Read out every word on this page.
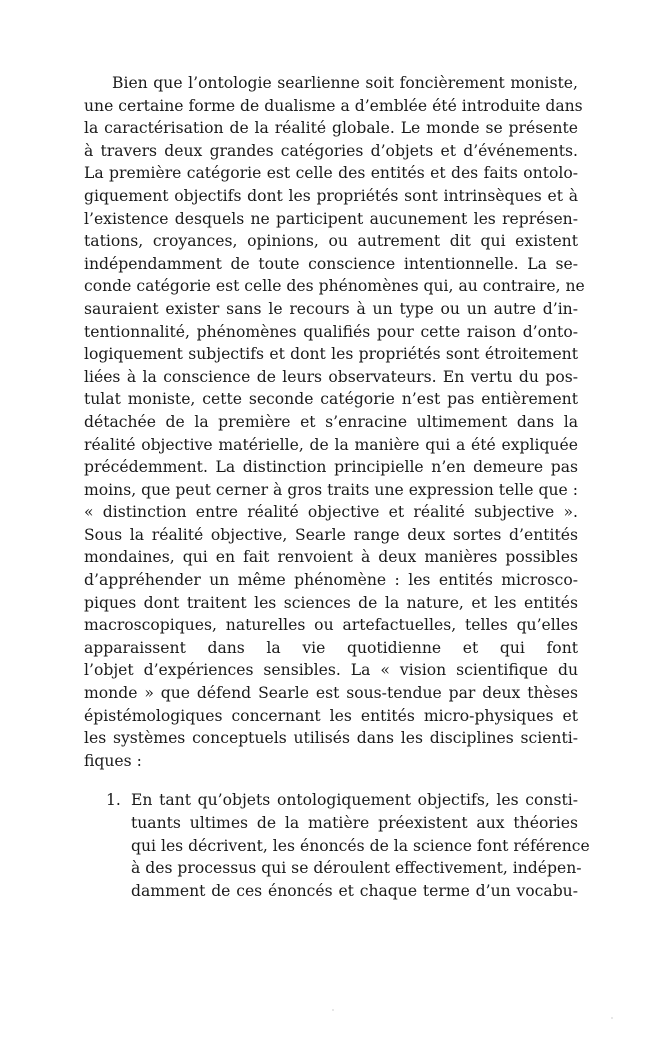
Bien que l’ontologie searlienne soit foncièrement moniste,
une certaine forme de dualisme a d’emblée été introduite dans
la caractérisation de la réalité globale. Le monde se présente
à travers deux grandes catégories d’objets et d’événements.
La première catégorie est celle des entités et des faits ontolo-
giquement objectifs dont les propriétés sont intrinsèques et à
l’existence desquels ne participent aucunement les représen-
tations, croyances, opinions, ou autrement dit qui existent
indépendamment de toute conscience intentionnelle. La se-
conde catégorie est celle des phénomènes qui, au contraire, ne
sauraient exister sans le recours à un type ou un autre d’in-
tentionnalité, phénomènes qualifiés pour cette raison d’onto-
logiquement subjectifs et dont les propriétés sont étroitement
liées à la conscience de leurs observateurs. En vertu du pos-
tulat moniste, cette seconde catégorie n’est pas entièrement
détachée de la première et s’enracine ultimement dans la
réalité objective matérielle, de la manière qui a été expliquée
précédemment. La distinction principielle n’en demeure pas
moins, que peut cerner à gros traits une expression telle que :
« distinction entre réalité objective et réalité subjective ».
Sous la réalité objective, Searle range deux sortes d’entités
mondaines, qui en fait renvoient à deux manières possibles
d’appréhender un même phénomène : les entités microsco-
piques dont traitent les sciences de la nature, et les entités
macroscopiques, naturelles ou artefactuelles, telles qu’elles
apparaissent dans la vie quotidienne et qui font
l’objet d’expériences sensibles. La « vision scientifique du
monde » que défend Searle est sous-tendue par deux thèses
épistémologiques concernant les entités micro-physiques et
les systèmes conceptuels utilisés dans les disciplines scienti-
fiques :
1. En tant qu’objets ontologiquement objectifs, les consti-
tuants ultimes de la matière préexistent aux théories
qui les décrivent, les énoncés de la science font référence
à des processus qui se déroulent effectivement, indépen-
damment de ces énoncés et chaque terme d’un vocabu-
